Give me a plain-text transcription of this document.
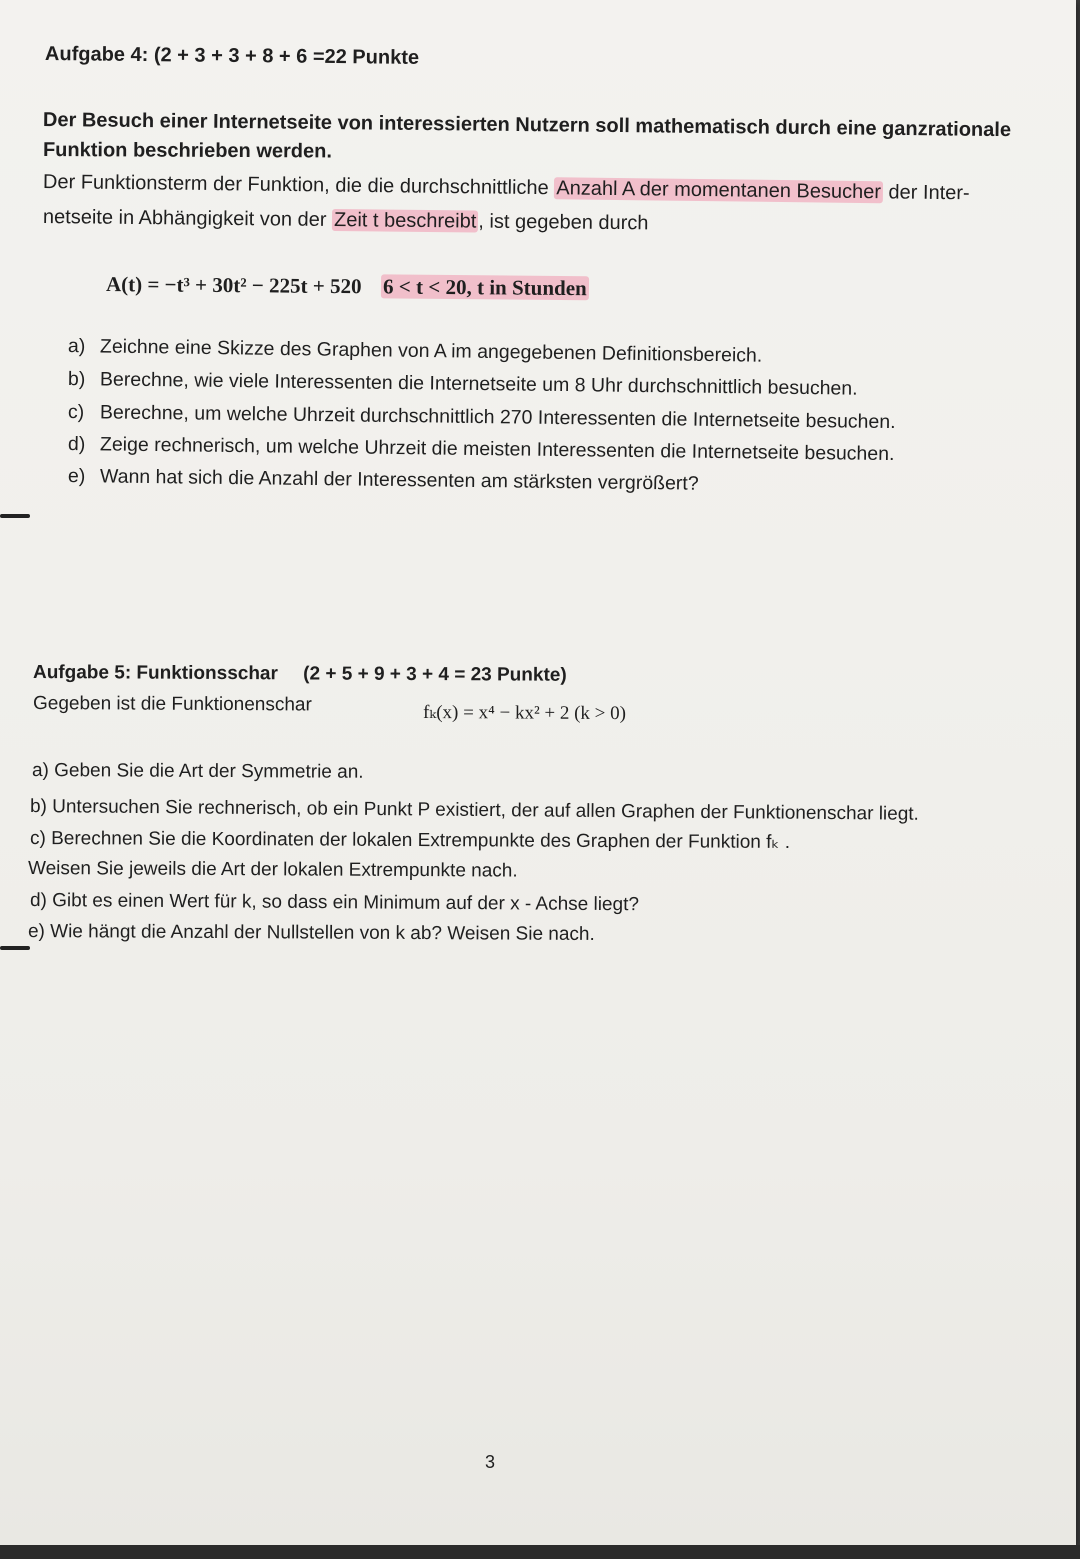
Aufgabe 4: (2 + 3 + 3 + 8 + 6 =22 Punkte
Der Besuch einer Internetseite von interessierten Nutzern soll mathematisch durch eine ganzrationale
Funktion beschrieben werden.
Der Funktionsterm der Funktion, die die durchschnittliche Anzahl A der momentanen Besucher der Inter-
netseite in Abhängigkeit von der Zeit t beschreibt, ist gegeben durch
A(t) = −t³ + 30t² − 225t + 520 6 < t < 20, t in Stunden
a) Zeichne eine Skizze des Graphen von A im angegebenen Definitionsbereich.
b) Berechne, wie viele Interessenten die Internetseite um 8 Uhr durchschnittlich besuchen.
c) Berechne, um welche Uhrzeit durchschnittlich 270 Interessenten die Internetseite besuchen.
d) Zeige rechnerisch, um welche Uhrzeit die meisten Interessenten die Internetseite besuchen.
e) Wann hat sich die Anzahl der Interessenten am stärksten vergrößert?
Aufgabe 5: Funktionsschar (2 + 5 + 9 + 3 + 4 = 23 Punkte)
Gegeben ist die Funktionenschar	fₖ(x) = x⁴ − kx² + 2 (k > 0)
a) Geben Sie die Art der Symmetrie an.
b) Untersuchen Sie rechnerisch, ob ein Punkt P existiert, der auf allen Graphen der Funktionenschar liegt.
c) Berechnen Sie die Koordinaten der lokalen Extrempunkte des Graphen der Funktion fₖ .
Weisen Sie jeweils die Art der lokalen Extrempunkte nach.
d) Gibt es einen Wert für k, so dass ein Minimum auf der x - Achse liegt?
e) Wie hängt die Anzahl der Nullstellen von k ab? Weisen Sie nach.
3
